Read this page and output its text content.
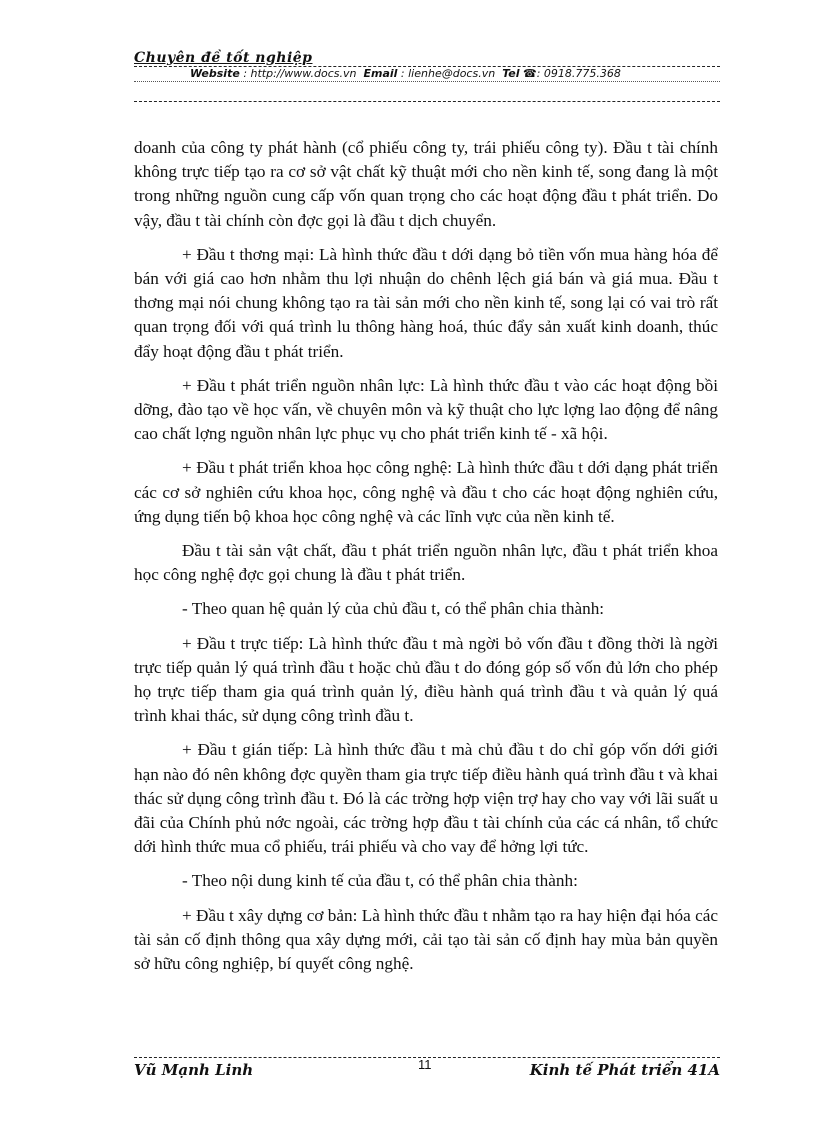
Chuyên đề tốt nghiệp
Website : http://www.docs.vn Email : lienhe@docs.vn Tel ☎: 0918.775.368

doanh của công ty phát hành (cổ phiếu công ty, trái phiếu công ty). Đầu t tài chính không trực tiếp tạo ra cơ sở vật chất kỹ thuật mới cho nền kinh tế, song đang là một trong những nguồn cung cấp vốn quan trọng cho các hoạt động đầu t phát triển. Do vậy, đầu t tài chính còn đợc gọi là đầu t dịch chuyển.

+ Đầu t thơng mại: Là hình thức đầu t dới dạng bỏ tiền vốn mua hàng hóa để bán với giá cao hơn nhằm thu lợi nhuận do chênh lệch giá bán và giá mua. Đầu t thơng mại nói chung không tạo ra tài sản mới cho nền kinh tế, song lại có vai trò rất quan trọng đối với quá trình lu thông hàng hoá, thúc đẩy sản xuất kinh doanh, thúc đẩy hoạt động đầu t phát triển.

+ Đầu t phát triển nguồn nhân lực: Là hình thức đầu t vào các hoạt động bồi dỡng, đào tạo về học vấn, về chuyên môn và kỹ thuật cho lực lợng lao động để nâng cao chất lợng nguồn nhân lực phục vụ cho phát triển kinh tế - xã hội.

+ Đầu t phát triển khoa học công nghệ: Là hình thức đầu t dới dạng phát triển các cơ sở nghiên cứu khoa học, công nghệ và đầu t cho các hoạt động nghiên cứu, ứng dụng tiến bộ khoa học công nghệ và các lĩnh vực của nền kinh tế.

Đầu t tài sản vật chất, đầu t phát triển nguồn nhân lực, đầu t phát triển khoa học công nghệ đợc gọi chung là đầu t phát triển.

- Theo quan hệ quản lý của chủ đầu t, có thể phân chia thành:

+ Đầu t trực tiếp: Là hình thức đầu t mà ngời bỏ vốn đầu t đồng thời là ngời trực tiếp quản lý quá trình đầu t hoặc chủ đầu t do đóng góp số vốn đủ lớn cho phép họ trực tiếp tham gia quá trình quản lý, điều hành quá trình đầu t và quản lý quá trình khai thác, sử dụng công trình đầu t.

+ Đầu t gián tiếp: Là hình thức đầu t mà chủ đầu t do chỉ góp vốn dới giới hạn nào đó nên không đợc quyền tham gia trực tiếp điều hành quá trình đầu t và khai thác sử dụng công trình đầu t. Đó là các trờng hợp viện trợ hay cho vay với lãi suất u đãi của Chính phủ nớc ngoài, các trờng hợp đầu t tài chính của các cá nhân, tổ chức dới hình thức mua cổ phiếu, trái phiếu và cho vay để hởng lợi tức.

- Theo nội dung kinh tế của đầu t, có thể phân chia thành:

+ Đầu t xây dựng cơ bản: Là hình thức đầu t nhằm tạo ra hay hiện đại hóa các tài sản cố định thông qua xây dựng mới, cải tạo tài sản cố định hay mùa bản quyền sở hữu công nghiệp, bí quyết công nghệ.

Vũ Mạnh Linh	11	Kinh tế Phát triển 41A
